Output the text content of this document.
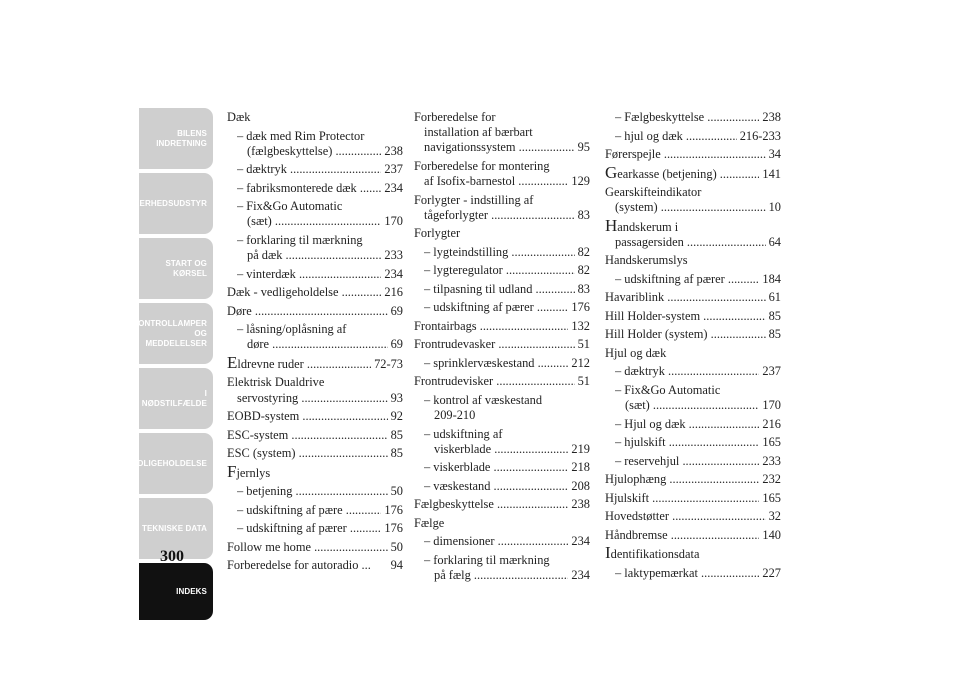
BILENS
INDRETNING
SIKKERHEDSUDSTYR
START OG KØRSEL
KONTROLLAMPER
OG MEDDELELSER
I NØDSTILFÆLDE
VEDLIGEHOLDELSE
TEKNISKE DATA
INDEKS
300
Dæk
– dæk med Rim Protector
(fælgbeskyttelse) .....	238
– dæktryk .....	237
– fabriksmonterede dæk .....	234
– Fix&Go Automatic
(sæt) .....	170
– forklaring til mærkning
på dæk .....	233
– vinterdæk .....	234
Dæk - vedligeholdelse .....	216
Døre .....	69
– låsning/oplåsning af
døre .....	69
Eldrevne ruder .....	72-73
Elektrisk Dualdrive
servostyring .....	93
EOBD-system .....	92
ESC-system .....	85
ESC (system) .....	85
Fjernlys
– betjening .....	50
– udskiftning af pære .....	176
– udskiftning af pærer .....	176
Follow me home .....	50
Forberedelse for autoradio ...	94
Forberedelse for
installation af bærbart
navigationssystem .....	95
Forberedelse for montering
af Isofix-barnestol .....	129
Forlygter - indstilling af
tågeforlygter .....	83
Forlygter
– lygteindstilling .....	82
– lygteregulator .....	82
– tilpasning til udland .....	83
– udskiftning af pærer .....	176
Frontairbags .....	132
Frontrudevasker .....	51
– sprinklervæskestand .....	212
Frontrudevisker .....	51
– kontrol af væskestand
209-210
– udskiftning af
viskerblade .....	219
– viskerblade .....	218
– væskestand .....	208
Fælgbeskyttelse .....	238
Fælge
– dimensioner .....	234
– forklaring til mærkning
på fælg .....	234
– Fælgbeskyttelse .....	238
– hjul og dæk .....	216-233
Førerspejle .....	34
Gearkasse (betjening) .....	141
Gearskifteindikator
(system) .....	10
Handskerum i
passagersiden .....	64
Handskerumslys
– udskiftning af pærer .....	184
Havariblink .....	61
Hill Holder-system .....	85
Hill Holder (system) .....	85
Hjul og dæk
– dæktryk .....	237
– Fix&Go Automatic
(sæt) .....	170
– Hjul og dæk .....	216
– hjulskift .....	165
– reservehjul .....	233
Hjulophæng .....	232
Hjulskift .....	165
Hovedstøtter .....	32
Håndbremse .....	140
Identifikationsdata
– laktypemærkat .....	227
